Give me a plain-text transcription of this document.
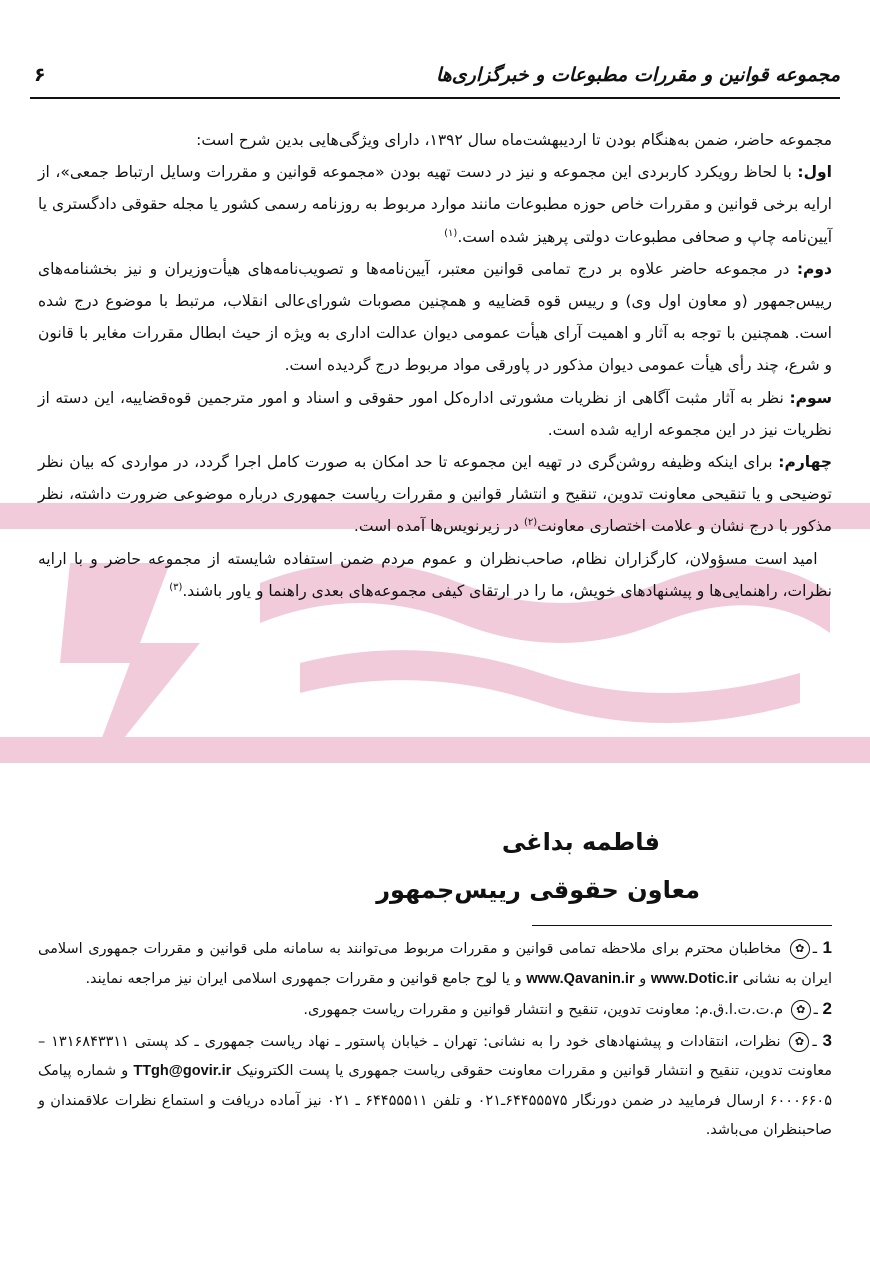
مجموعه قوانین و مقررات مطبوعات و خبرگزاری‌ها
۶

مجموعه حاضر، ضمن به‌هنگام بودن تا اردیبهشت‌ماه سال ۱۳۹۲، دارای ویژگی‌هایی بدین شرح است:

اول: با لحاظ رویکرد کاربردی این مجموعه و نیز در دست تهیه بودن «مجموعه قوانین و مقررات وسایل ارتباط جمعی»، از ارایه برخی قوانین و مقررات خاص حوزه مطبوعات مانند موارد مربوط به روزنامه رسمی کشور یا مجله حقوقی دادگستری یا آیین‌نامه چاپ و صحافی مطبوعات دولتی پرهیز شده است.$^{(۱)}$

دوم: در مجموعه حاضر علاوه بر درج تمامی قوانین معتبر، آیین‌نامه‌ها و تصویب‌نامه‌های هیأت‌وزیران و نیز بخشنامه‌های رییس‌جمهور (و معاون اول وی) و رییس قوه قضاییه و همچنین مصوبات شورای‌عالی انقلاب، مرتبط با موضوع درج شده است. همچنین با توجه به آثار و اهمیت آرای هیأت عمومی دیوان عدالت اداری به ویژه از حیث ابطال مقررات مغایر با قانون و شرع، چند رأی هیأت عمومی دیوان مذکور در پاورقی مواد مربوط درج گردیده است.

سوم: نظر به آثار مثبت آگاهی از نظریات مشورتی اداره‌کل امور حقوقی و اسناد و امور مترجمین قوه‌قضاییه، این دسته از نظریات نیز در این مجموعه ارایه شده است.

چهارم: برای اینکه وظیفه روشن‌گری در تهیه این مجموعه تا حد امکان به صورت کامل اجرا گردد، در مواردی که بیان نظر توضیحی و یا تنقیحی معاونت تدوین، تنقیح و انتشار قوانین و مقررات ریاست جمهوری درباره موضوعی ضرورت داشته، نظر مذکور با درج نشان و علامت اختصاری معاونت$^{(۲)}$ در زیرنویس‌ها آمده است.

امید است مسؤولان، کارگزاران نظام، صاحب‌نظران و عموم مردم ضمن استفاده شایسته از مجموعه حاضر و با ارایه نظرات، راهنمایی‌ها و پیشنهادهای خویش، ما را در ارتقای کیفی مجموعه‌های بعدی راهنما و یاور باشند.$^{(۳)}$

فاطمه بداغی
معاون حقوقی رییس‌جمهور

1 ـ✿ مخاطبان محترم برای ملاحظه تمامی قوانین و مقررات مربوط می‌توانند به سامانه ملی قوانین و مقررات جمهوری اسلامی ایران به نشانی www.Dotic.ir و www.Qavanin.ir و یا لوح جامع قوانین و مقررات جمهوری اسلامی ایران نیز مراجعه نمایند.

2 ـ✿ م.ت.ت.ا.ق.م: معاونت تدوین، تنقیح و انتشار قوانین و مقررات ریاست جمهوری.

3 ـ✿ نظرات، انتقادات و پیشنهادهای خود را به نشانی: تهران ـ خیابان پاستور ـ نهاد ریاست جمهوری ـ کد پستی ۱۳۱۶۸۴۳۳۱۱ – معاونت تدوین، تنقیح و انتشار قوانین و مقررات معاونت حقوقی ریاست جمهوری یا پست الکترونیک TTgh@govir.ir و شماره پیامک ۶۰۰۰۶۶۰۵ ارسال فرمایید در ضمن دورنگار ۶۴۴۵۵۵۷۵ـ۰۲۱ و تلفن ۶۴۴۵۵۵۱۱ ـ ۰۲۱ نیز آماده دریافت و استماع نظرات علاقمندان و صاحبنظران می‌باشد.
